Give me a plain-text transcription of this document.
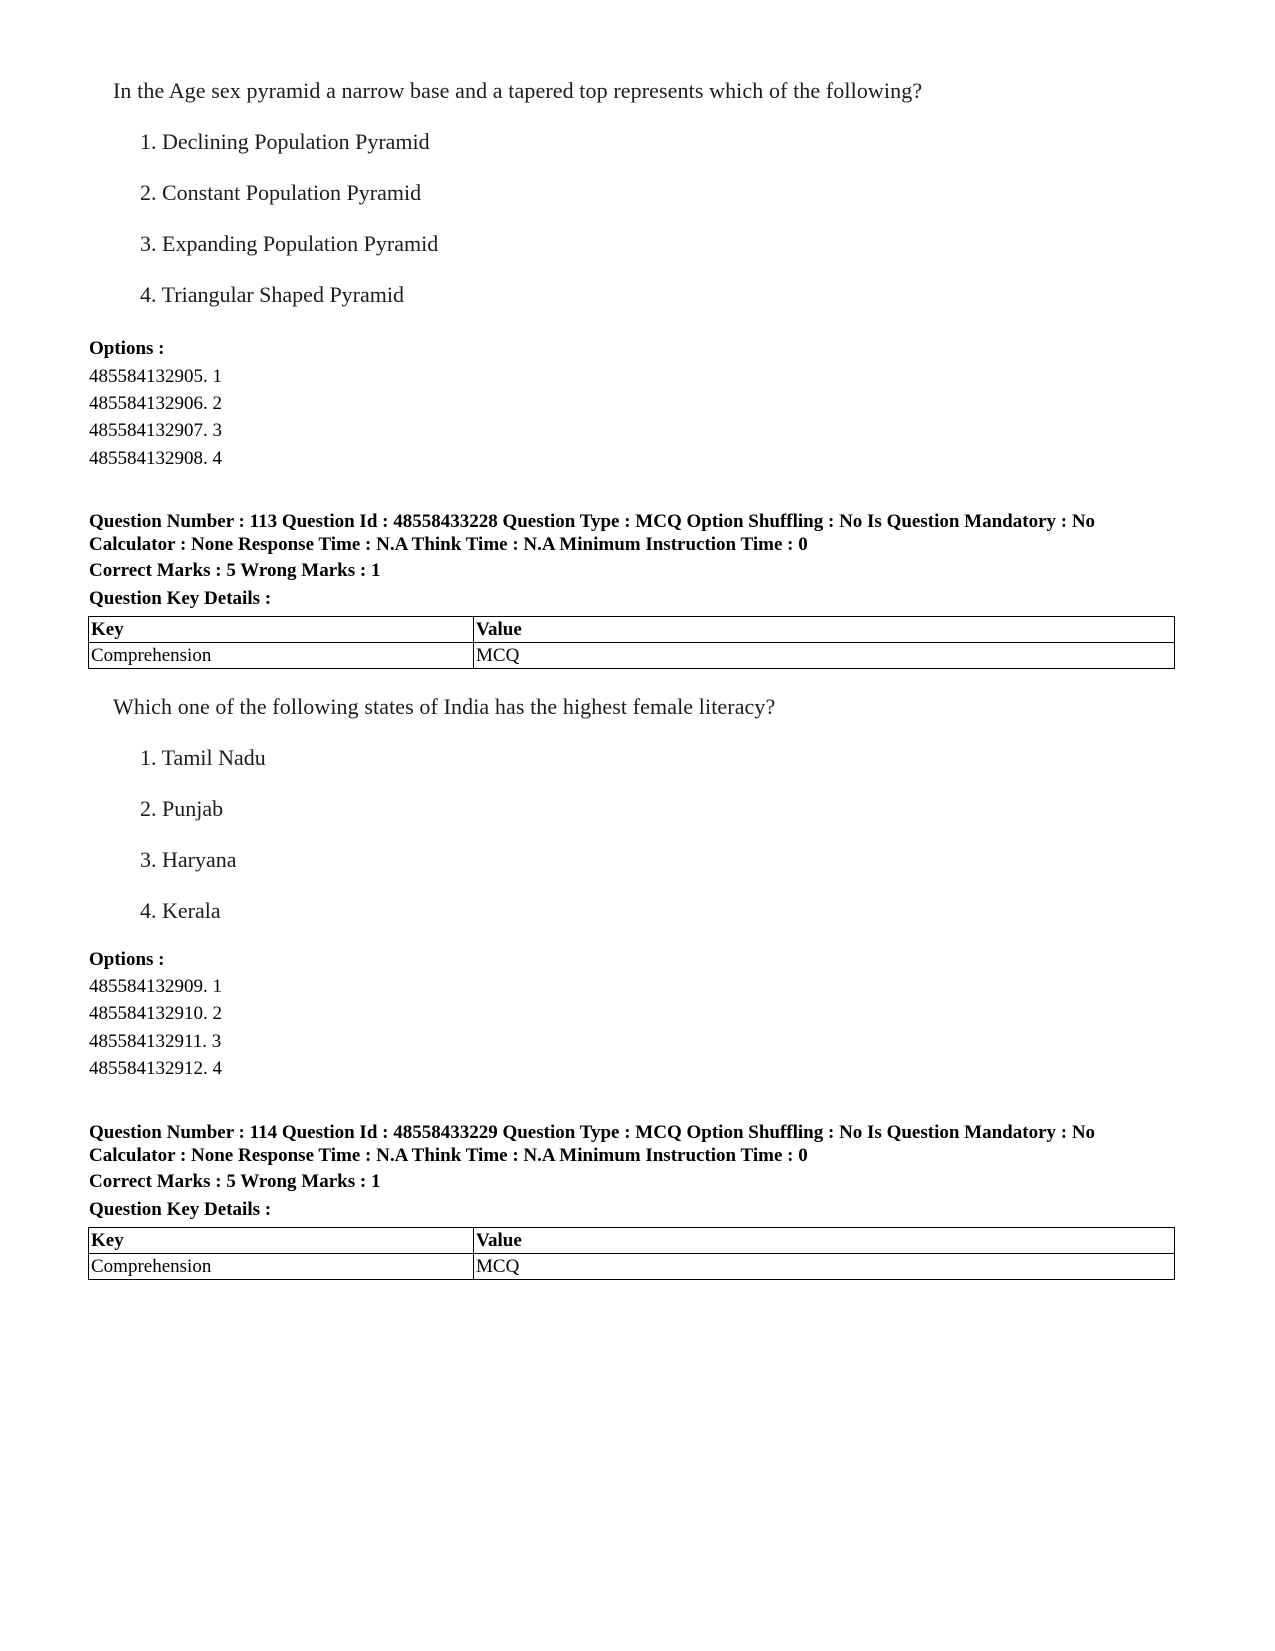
In the Age sex pyramid a narrow base and a tapered top represents which of the following?
1. Declining Population Pyramid
2. Constant Population Pyramid
3. Expanding Population Pyramid
4. Triangular Shaped Pyramid
Options :
485584132905. 1
485584132906. 2
485584132907. 3
485584132908. 4
Question Number : 113 Question Id : 48558433228 Question Type : MCQ Option Shuffling : No Is Question Mandatory : No Calculator : None Response Time : N.A Think Time : N.A Minimum Instruction Time : 0
Correct Marks : 5 Wrong Marks : 1
Question Key Details :
Key	Value
Comprehension	MCQ
Which one of the following states of India has the highest female literacy?
1. Tamil Nadu
2. Punjab
3. Haryana
4. Kerala
Options :
485584132909. 1
485584132910. 2
485584132911. 3
485584132912. 4
Question Number : 114 Question Id : 48558433229 Question Type : MCQ Option Shuffling : No Is Question Mandatory : No Calculator : None Response Time : N.A Think Time : N.A Minimum Instruction Time : 0
Correct Marks : 5 Wrong Marks : 1
Question Key Details :
Key	Value
Comprehension	MCQ
